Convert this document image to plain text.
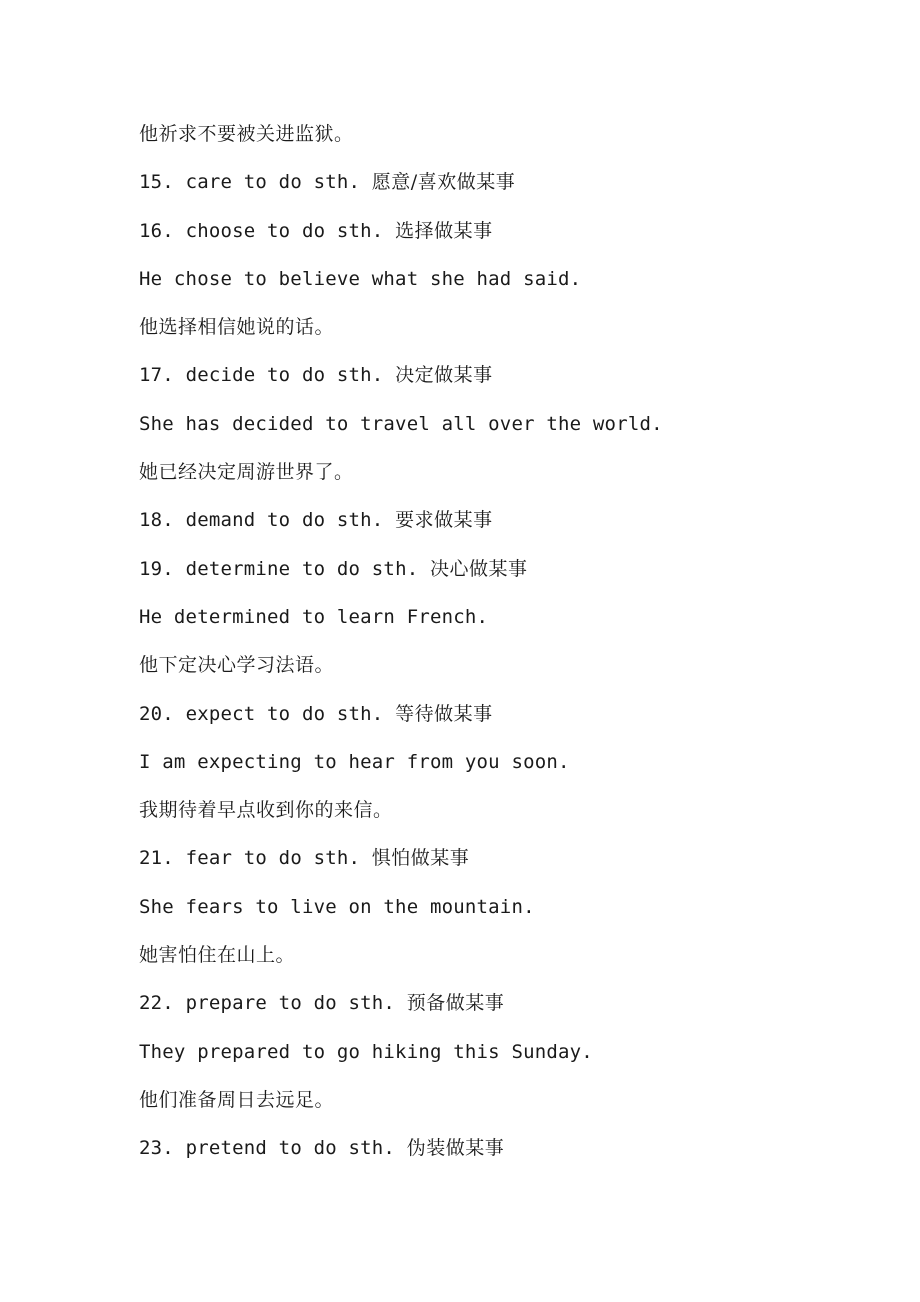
他祈求不要被关进监狱。
15. care to do sth. 愿意/喜欢做某事
16. choose to do sth. 选择做某事
He chose to believe what she had said.
他选择相信她说的话。
17. decide to do sth. 决定做某事
She has decided to travel all over the world.
她已经决定周游世界了。
18. demand to do sth. 要求做某事
19. determine to do sth. 决心做某事
He determined to learn French.
他下定决心学习法语。
20. expect to do sth. 等待做某事
I am expecting to hear from you soon.
我期待着早点收到你的来信。
21. fear to do sth. 惧怕做某事
She fears to live on the mountain.
她害怕住在山上。
22. prepare to do sth. 预备做某事
They prepared to go hiking this Sunday.
他们准备周日去远足。
23. pretend to do sth. 伪装做某事
